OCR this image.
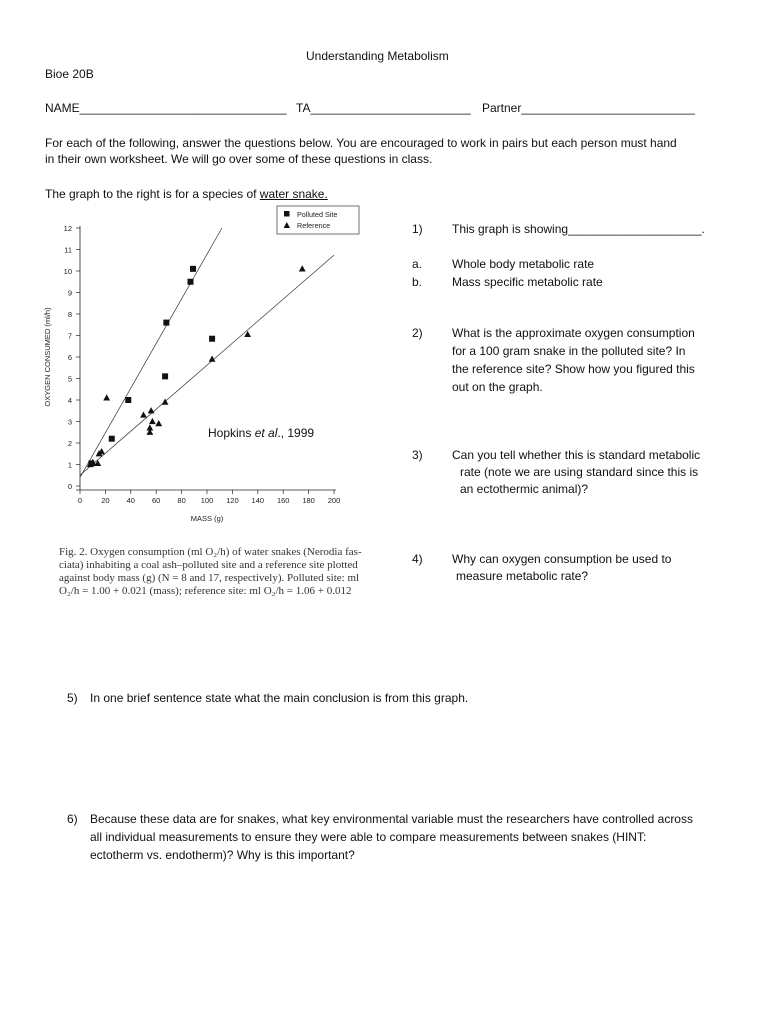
Understanding Metabolism
Bioe 20B
NAME_______________________________ TA________________________ Partner__________________________
For each of the following, answer the questions below. You are encouraged to work in pairs but each person must hand
in their own worksheet. We will go over some of these questions in class.
The graph to the right is for a species of water snake.
0
1
2
3
4
5
6
7
8
9
10
11
12
0	20 40 60 80 100 120 140 160 180 200
MASS (g)
OXYGEN CONSUMED (ml/h)
Polluted Site
Reference
Hopkins et al., 1999
Fig. 2. Oxygen consumption (ml O₂/h) of water snakes (Nerodia fas-
ciata) inhabiting a coal ash–polluted site and a reference site plotted
against body mass (g) (N = 8 and 17, respectively). Polluted site: ml
O₂/h = 1.00 + 0.021 (mass); reference site: ml O₂/h = 1.06 + 0.012
1) This graph is showing____________________.
a. Whole body metabolic rate
b. Mass specific metabolic rate
2) What is the approximate oxygen consumption
for a 100 gram snake in the polluted site? In
the reference site? Show how you figured this
out on the graph.
3) Can you tell whether this is standard metabolic
rate (note we are using standard since this is
an ectothermic animal)?
4) Why can oxygen consumption be used to
measure metabolic rate?
5) In one brief sentence state what the main conclusion is from this graph.
6) Because these data are for snakes, what key environmental variable must the researchers have controlled across
all individual measurements to ensure they were able to compare measurements between snakes (HINT:
ectotherm vs. endotherm)? Why is this important?
